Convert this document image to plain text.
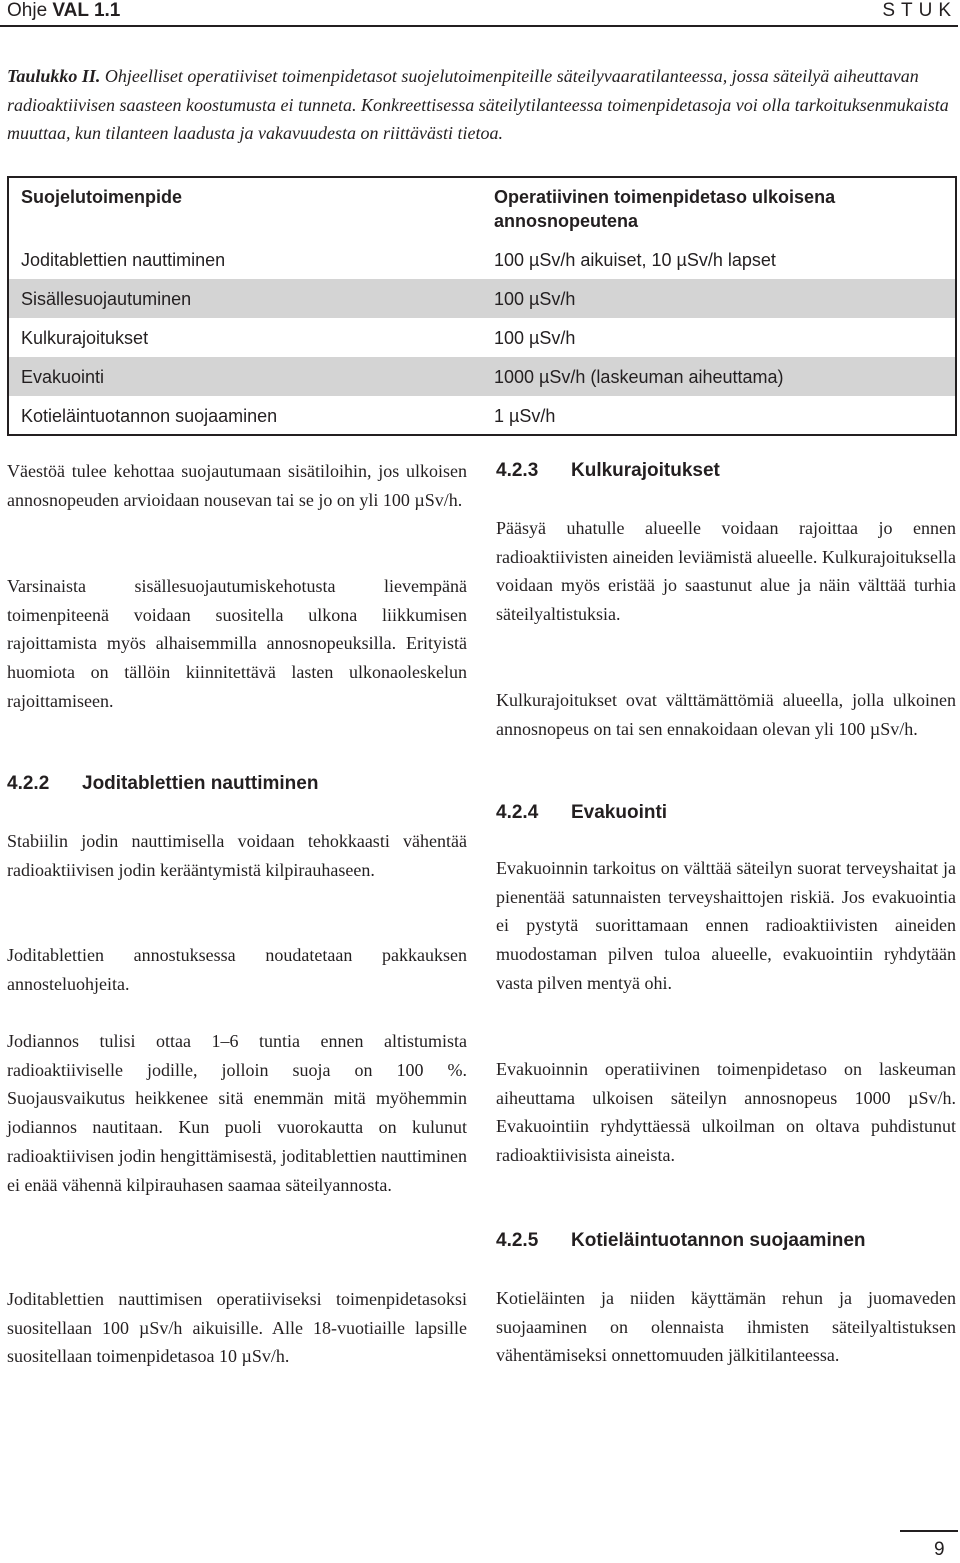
Ohje VAL 1.1	STUK
Taulukko II. Ohjeelliset operatiiviset toimenpidetasot suojelutoimenpiteille säteilyvaaratilanteessa, jossa säteilyä aiheuttavan radioaktiivisen saasteen koostumusta ei tunneta. Konkreettisessa säteilytilanteessa toimenpidetasoja voi olla tarkoituksenmukaista muuttaa, kun tilanteen laadusta ja vakavuudesta on riittävästi tietoa.
Suojelutoimenpide	Operatiivinen toimenpidetaso ulkoisena annosnopeutena
Joditablettien nauttiminen	100 µSv/h aikuiset, 10 µSv/h lapset
Sisällesuojautuminen	100 µSv/h
Kulkurajoitukset	100 µSv/h
Evakuointi	1000 µSv/h (laskeuman aiheuttama)
Kotieläintuotannon suojaaminen	1 µSv/h
Väestöä tulee kehottaa suojautumaan sisätiloihin, jos ulkoisen annosnopeuden arvioidaan nousevan tai se jo on yli 100 µSv/h.
Varsinaista sisällesuojautumiskehotusta lievempänä toimenpiteenä voidaan suositella ulkona liikkumisen rajoittamista myös alhaisemmilla annosnopeuksilla. Erityistä huomiota on tällöin kiinnitettävä lasten ulkonaoleskelun rajoittamiseen.
4.2.2 Joditablettien nauttiminen
Stabiilin jodin nauttimisella voidaan tehokkaasti vähentää radioaktiivisen jodin kerääntymistä kilpirauhaseen.
Joditablettien annostuksessa noudatetaan pakkauksen annosteluohjeita.
Jodiannos tulisi ottaa 1–6 tuntia ennen altistumista radioaktiiviselle jodille, jolloin suoja on 100 %. Suojausvaikutus heikkenee sitä enemmän mitä myöhemmin jodiannos nautitaan. Kun puoli vuorokautta on kulunut radioaktiivisen jodin hengittämisestä, joditablettien nauttiminen ei enää vähennä kilpirauhasen saamaa säteilyannosta.
Joditablettien nauttimisen operatiiviseksi toimenpidetasoksi suositellaan 100 µSv/h aikuisille. Alle 18-vuotiaille lapsille suositellaan toimenpidetasoa 10 µSv/h.
4.2.3 Kulkurajoitukset
Pääsyä uhatulle alueelle voidaan rajoittaa jo ennen radioaktiivisten aineiden leviämistä alueelle. Kulkurajoituksella voidaan myös eristää jo saastunut alue ja näin välttää turhia säteilyaltistuksia.
Kulkurajoitukset ovat välttämättömiä alueella, jolla ulkoinen annosnopeus on tai sen ennakoidaan olevan yli 100 µSv/h.
4.2.4 Evakuointi
Evakuoinnin tarkoitus on välttää säteilyn suorat terveyshaitat ja pienentää satunnaisten terveyshaittojen riskiä. Jos evakuointia ei pystytä suorittamaan ennen radioaktiivisten aineiden muodostaman pilven tuloa alueelle, evakuointiin ryhdytään vasta pilven mentyä ohi.
Evakuoinnin operatiivinen toimenpidetaso on laskeuman aiheuttama ulkoisen säteilyn annosnopeus 1000 µSv/h. Evakuointiin ryhdyttäessä ulkoilman on oltava puhdistunut radioaktiivisista aineista.
4.2.5 Kotieläintuotannon suojaaminen
Kotieläinten ja niiden käyttämän rehun ja juomaveden suojaaminen on olennaista ihmisten säteilyaltistuksen vähentämiseksi onnettomuuden jälkitilanteessa.
9
